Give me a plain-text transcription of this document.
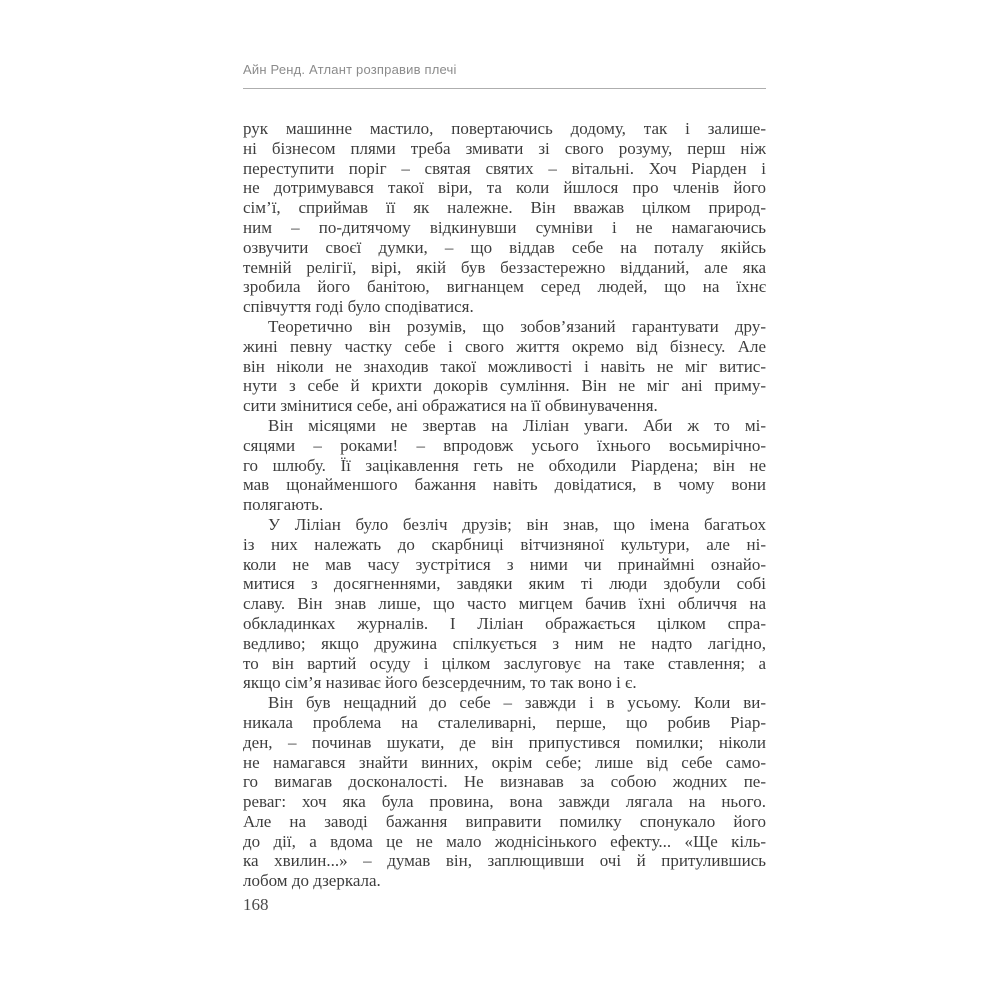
Айн Ренд. Атлант розправив плечі
рук машинне мастило, повертаючись додому, так і залише-
ні бізнесом плями треба змивати зі свого розуму, перш ніж
переступити поріг – святая святих – вітальні. Хоч Ріарден і
не дотримувався такої віри, та коли йшлося про членів його
сім’ї, сприймав її як належне. Він вважав цілком природ-
ним – по-дитячому відкинувши сумніви і не намагаючись
озвучити своєї думки, – що віддав себе на поталу якійсь
темній релігії, вірі, якій був беззастережно відданий, але яка
зробила його банітою, вигнанцем серед людей, що на їхнє
співчуття годі було сподіватися.
Теоретично він розумів, що зобов’язаний гарантувати дру-
жині певну частку себе і свого життя окремо від бізнесу. Але
він ніколи не знаходив такої можливості і навіть не міг витис-
нути з себе й крихти докорів сумління. Він не міг ані приму-
сити змінитися себе, ані ображатися на її обвинувачення.
Він місяцями не звертав на Ліліан уваги. Аби ж то мі-
сяцями – роками! – впродовж усього їхнього восьмирічно-
го шлюбу. Її зацікавлення геть не обходили Ріардена; він не
мав щонайменшого бажання навіть довідатися, в чому вони
полягають.
У Ліліан було безліч друзів; він знав, що імена багатьох
із них належать до скарбниці вітчизняної культури, але ні-
коли не мав часу зустрітися з ними чи принаймні ознайо-
митися з досягненнями, завдяки яким ті люди здобули собі
славу. Він знав лише, що часто мигцем бачив їхні обличчя на
обкладинках журналів. І Ліліан ображається цілком спра-
ведливо; якщо дружина спілкується з ним не надто лагідно,
то він вартий осуду і цілком заслуговує на таке ставлення; а
якщо сім’я називає його безсердечним, то так воно і є.
Він був нещадний до себе – завжди і в усьому. Коли ви-
никала проблема на сталеливарні, перше, що робив Ріар-
ден, – починав шукати, де він припустився помилки; ніколи
не намагався знайти винних, окрім себе; лише від себе само-
го вимагав досконалості. Не визнавав за собою жодних пе-
реваг: хоч яка була провина, вона завжди лягала на нього.
Але на заводі бажання виправити помилку спонукало його
до дії, а вдома це не мало жоднісінького ефекту... «Ще кіль-
ка хвилин...» – думав він, заплющивши очі й притулившись
лобом до дзеркала.
168
